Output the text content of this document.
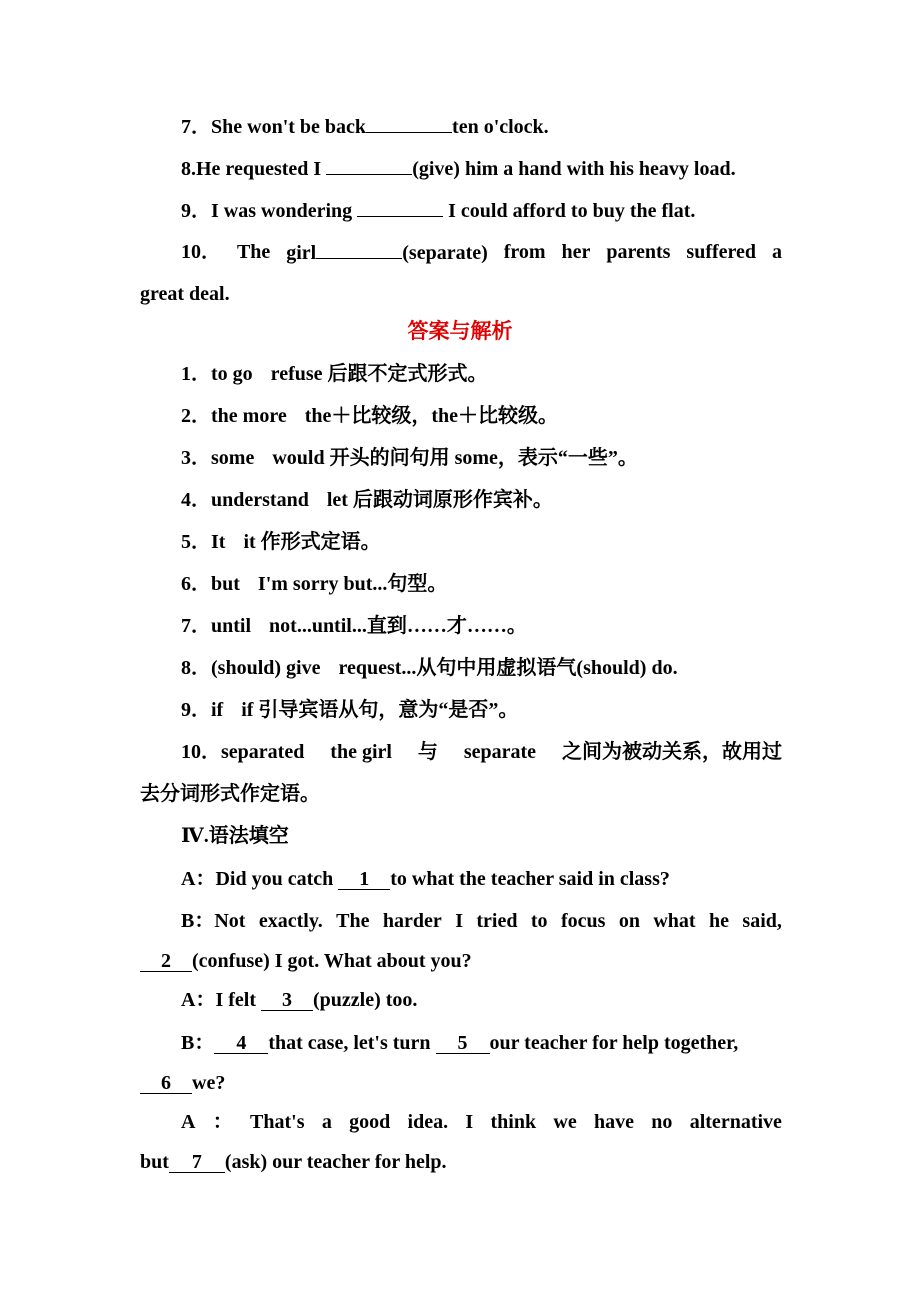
7．She won't be back	ten o'clock.
8.He requested I	(give) him a hand with his heavy load.
9．I was wondering	I could afford to buy the flat.
10． The girl	(separate) from her parents suffered a
great deal.
答案与解析
1．to go refuse 后跟不定式形式。
2．the more the＋比较级，the＋比较级。
3．some would 开头的问句用 some，表示“一些”。
4．understand let 后跟动词原形作宾补。
5．It it 作形式定语。
6．but I'm sorry but...句型。
7．until not...until...直到……才……。
8．(should) give request...从句中用虚拟语气(should) do.
9．if if 引导宾语从句，意为“是否”。
10．separated the girl 与 separate 之间为被动关系，故用过
去分词形式作定语。
Ⅳ.语法填空
A：Did you catch 1 to what the teacher said in class?
B：Not exactly. The harder I tried to focus on what he said,
2 (confuse) I got. What about you?
A：I felt 3 (puzzle) too.
B： 4 that case, let's turn 5 our teacher for help together,
6 we?
A ： That's a good idea. I think we have no alternative
but 7 (ask) our teacher for help.
